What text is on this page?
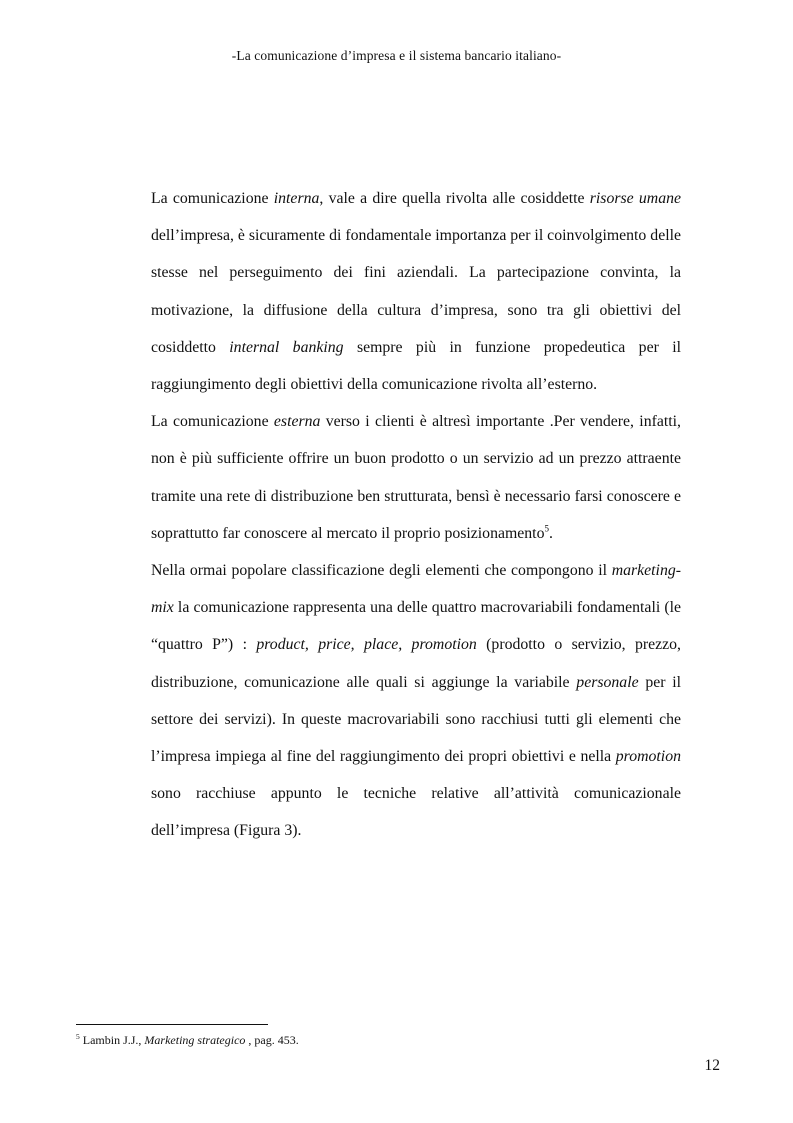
-La comunicazione d’impresa e il sistema bancario italiano-

La comunicazione interna, vale a dire quella rivolta alle cosiddette risorse umane dell’impresa, è sicuramente di fondamentale importanza per il coinvolgimento delle stesse nel perseguimento dei fini aziendali. La partecipazione convinta, la motivazione, la diffusione della cultura d’impresa, sono tra gli obiettivi del cosiddetto internal banking sempre più in funzione propedeutica per il raggiungimento degli obiettivi della comunicazione rivolta all’esterno.

La comunicazione esterna verso i clienti è altresì importante .Per vendere, infatti, non è più sufficiente offrire un buon prodotto o un servizio ad un prezzo attraente tramite una rete di distribuzione ben strutturata, bensì è necessario farsi conoscere e soprattutto far conoscere al mercato il proprio posizionamento$^5$.

Nella ormai popolare classificazione degli elementi che compongono il marketing-mix la comunicazione rappresenta una delle quattro macrovariabili fondamentali (le “quattro P”) : product, price, place, promotion (prodotto o servizio, prezzo, distribuzione, comunicazione alle quali si aggiunge la variabile personale per il settore dei servizi). In queste macrovariabili sono racchiusi tutti gli elementi che l’impresa impiega al fine del raggiungimento dei propri obiettivi e nella promotion sono racchiuse appunto le tecniche relative all’attività comunicazionale dell’impresa (Figura 3).

$^5$ Lambin J.J., Marketing strategico , pag. 453.
12
